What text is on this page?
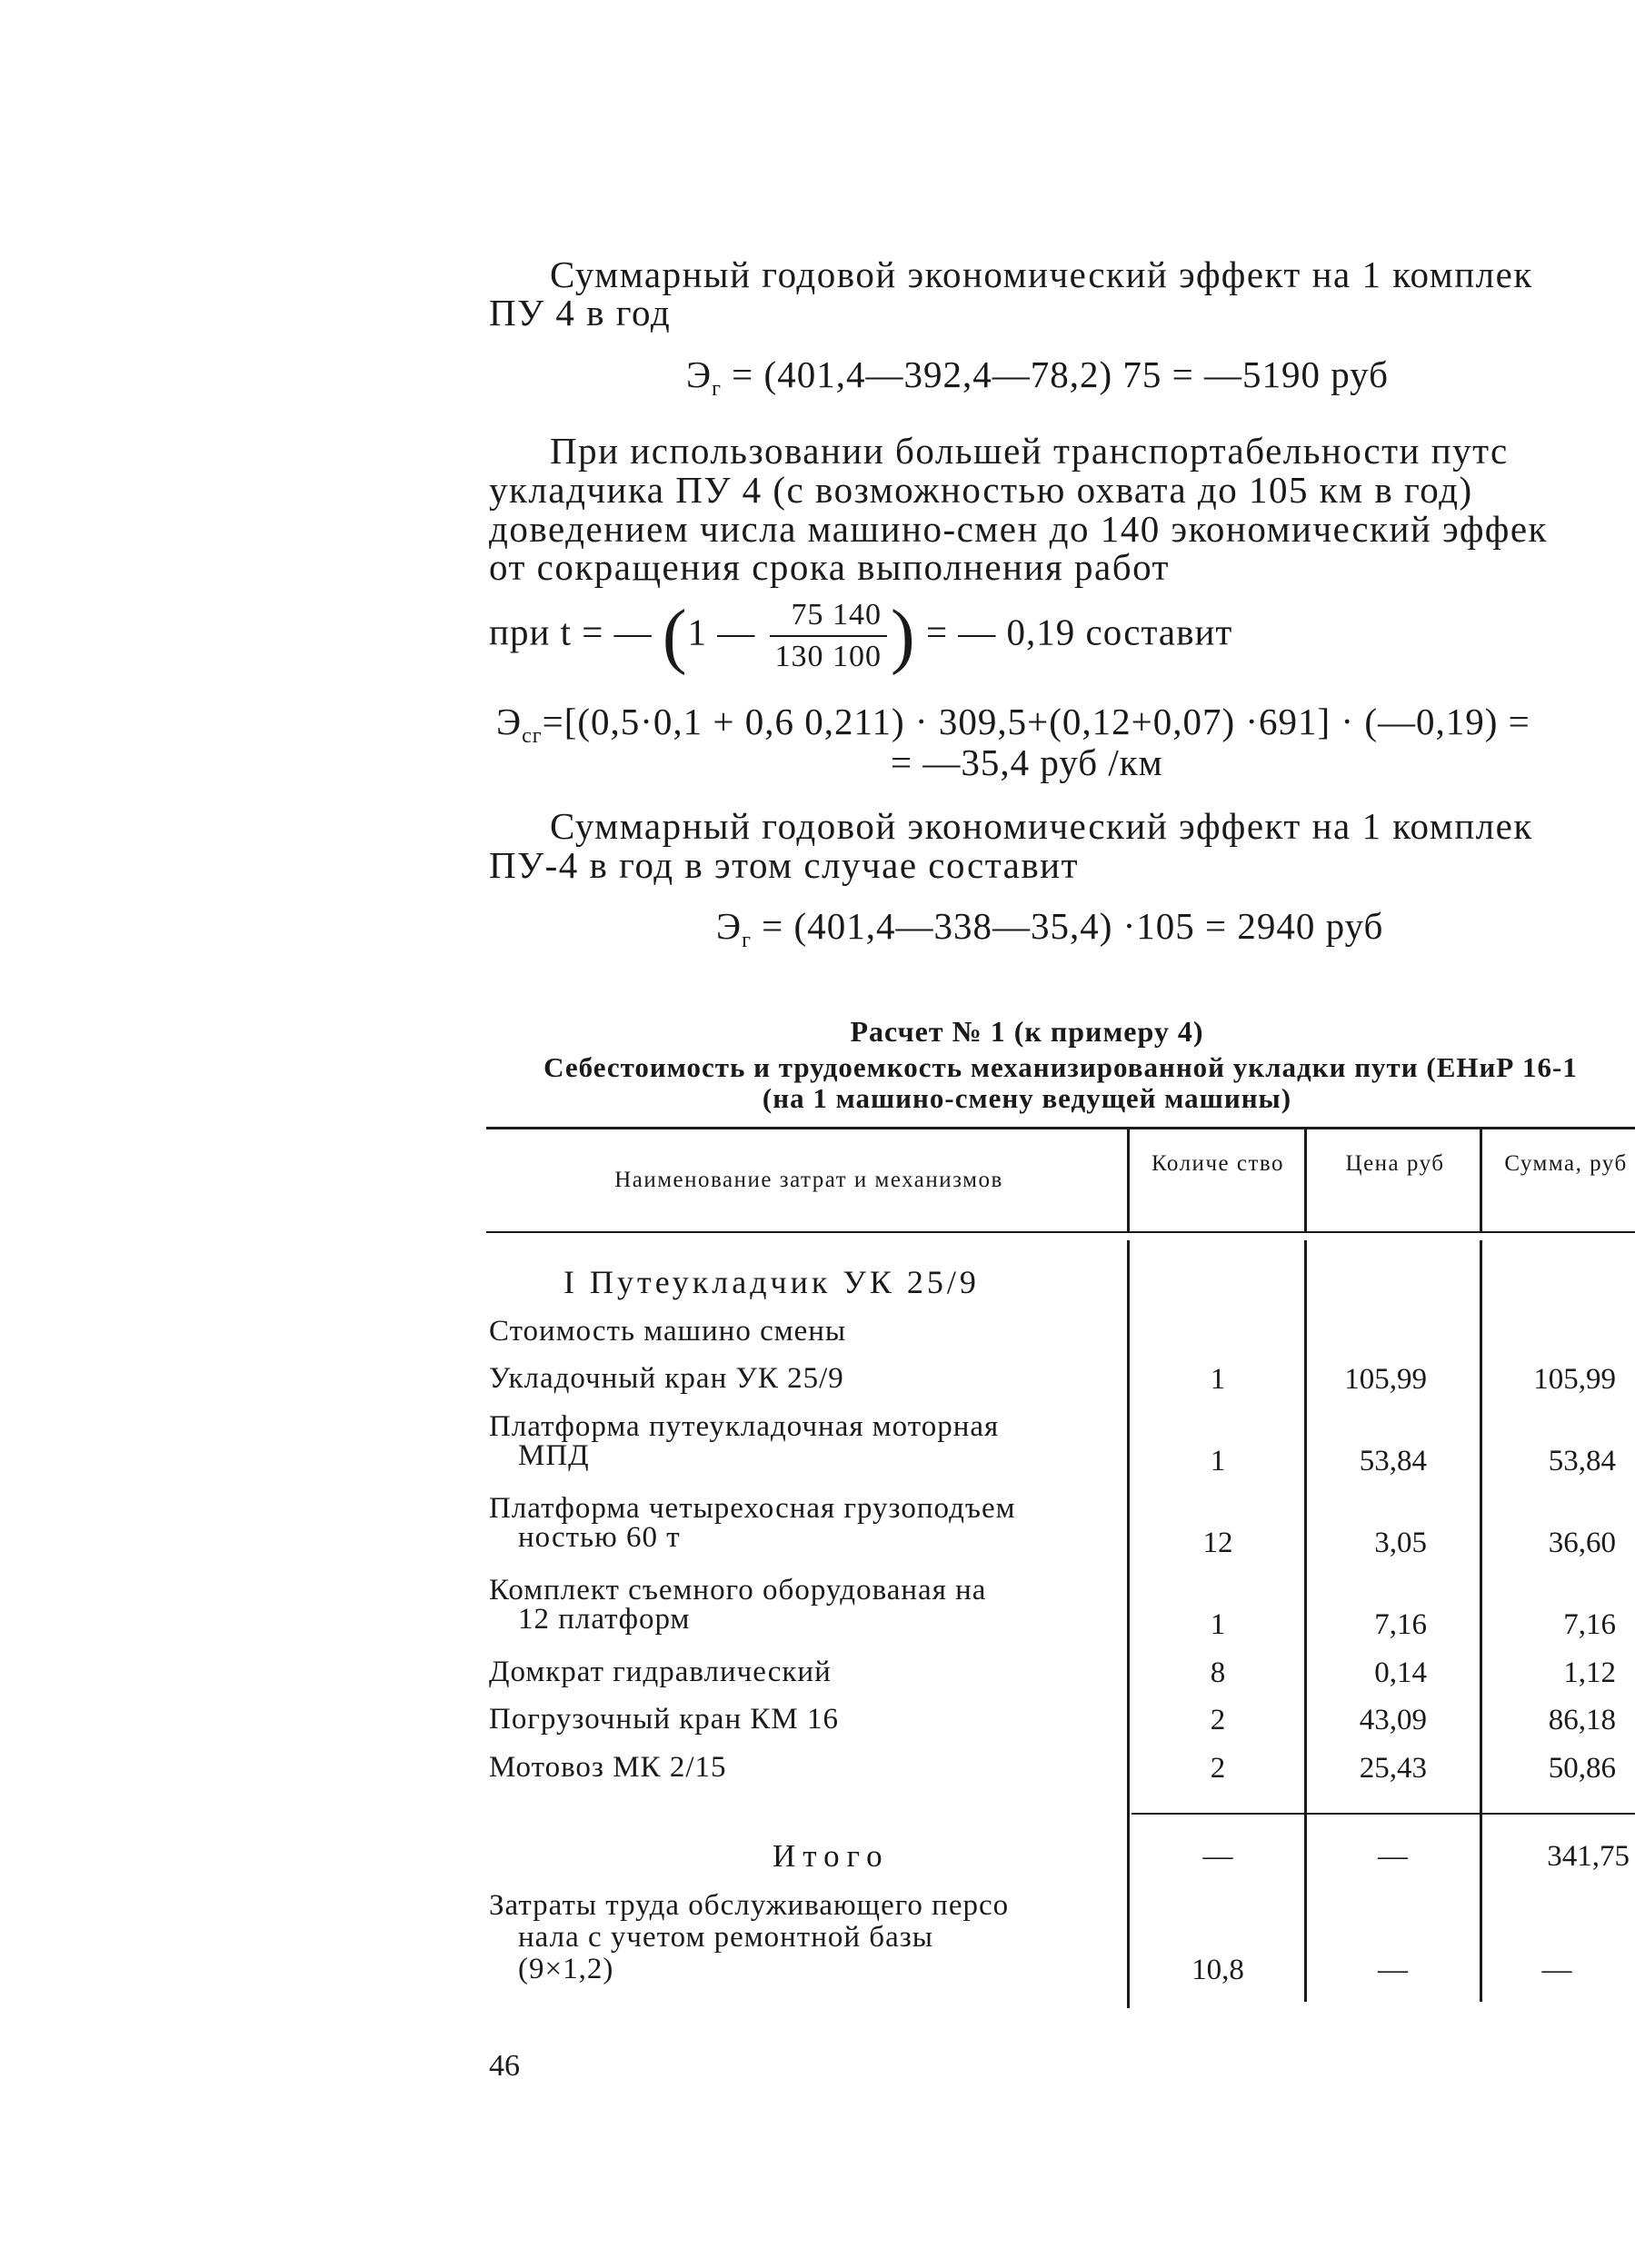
Суммарный годовой экономический эффект на 1 комплек
ПУ 4 в год
$Э_г$ = (401,4—392,4—78,2) 75 = —5190 руб
При использовании большей транспортабельности путс
укладчика ПУ 4 (с возможностью охвата до 105 км в год)
доведением числа машино-смен до 140 экономический эффек
от сокращения срока выполнения работ
при t = — (1 — $\frac{75 140}{130 100}$ ) = — 0,19 составит
$Э_{сг}=[(0,5\cdot 0,1 + 0,6$ 0,211) · 309,5+(0,12+0,07) ·691] · (—0,19) =
= —35,4 руб /км
Суммарный годовой экономический эффект на 1 комплек
ПУ-4 в год в этом случае составит
$Э_г$ = (401,4—338—35,4) ·105 = 2940 руб
Расчет № 1 (к примеру 4)
Себестоимость и трудоемкость механизированной укладки пути (ЕНиР 16-1
(на 1 машино-смену ведущей машины)
Наименование затрат и механизмов
Количе ство	Цена руб	Сумма, руб
I Путеукладчик УК 25/9
Стоимость машино смены
Укладочный кран УК 25/9	1	105,99	105,99
Платформа путеукладочная моторная
МПД	1	53,84	53,84
Платформа четырехосная грузоподъем
ностью 60 т	12	3,05	36,60
Комплект съемного оборудованая на
12 платформ	1	7,16	7,16
Домкрат гидравлический	8	0,14	1,12
Погрузочный кран КМ 16	2	43,09	86,18
Мотовоз МК 2/15	2	25,43	50,86
Итого	—	—	341,75
Затраты труда обслуживающего персо
нала с учетом ремонтной базы
(9×1,2)	10,8	—	—
46
